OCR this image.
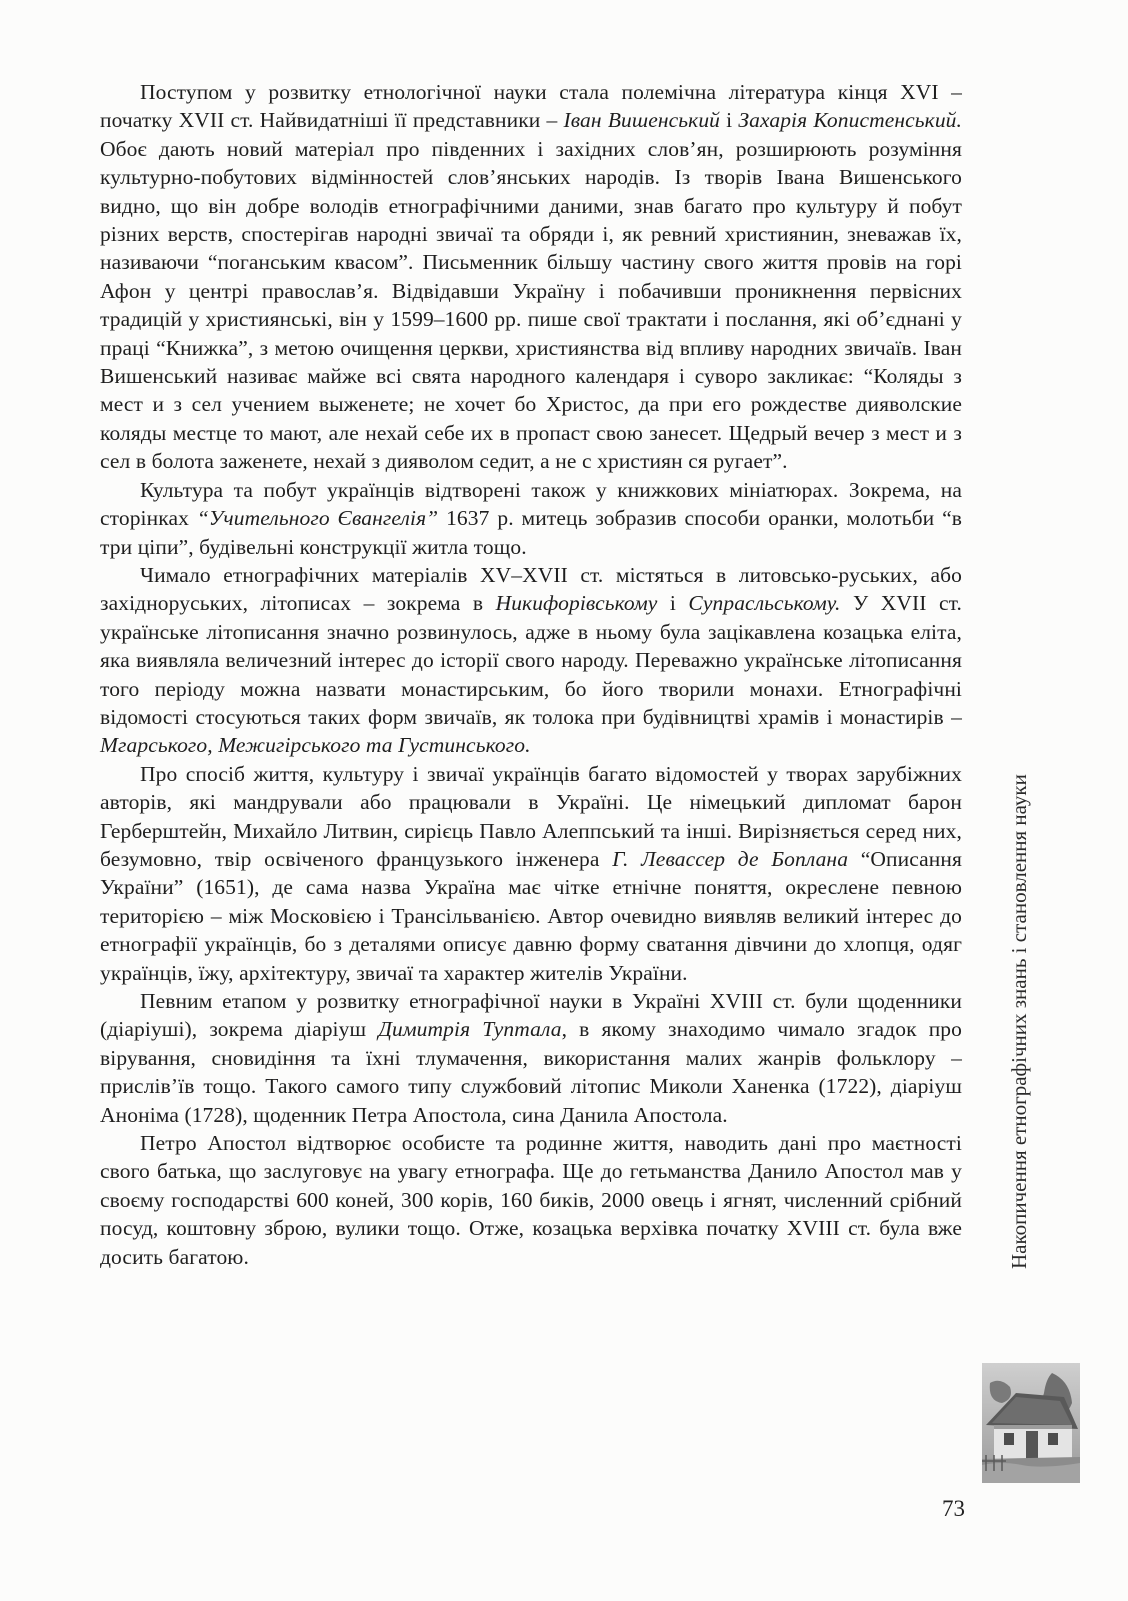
Поступом у розвитку етнологічної науки стала полемічна література кінця XVI – початку XVII ст. Найвидатніші її представники – Іван Вишенський і Захарія Копистенський. Обоє дають новий матеріал про південних і західних слов’ян, розширюють розуміння культурно-побутових відмінностей слов’янських народів. Із творів Івана Вишенського видно, що він добре володів етнографічними даними, знав багато про культуру й побут різних верств, спостерігав народні звичаї та обряди і, як ревний християнин, зневажав їх, називаючи “поганським квасом”. Письменник більшу частину свого життя провів на горі Афон у центрі православ’я. Відвідавши Україну і побачивши проникнення первісних традицій у християнські, він у 1599–1600 рр. пише свої трактати і послання, які об’єднані у праці “Книжка”, з метою очищення церкви, християнства від впливу народних звичаїв. Іван Вишенський називає майже всі свята народного календаря і суворо закликає: “Коляды з мест и з сел учением выженете; не хочет бо Христос, да при его рождестве дияволские коляды местце то мают, але нехай себе их в пропаст свою занесет. Щедрый вечер з мест и з сел в болота заженете, нехай з дияволом седит, а не с християн ся ругает”.

Культура та побут українців відтворені також у книжкових мініатюрах. Зокрема, на сторінках “Учительного Євангелія” 1637 р. митець зобразив способи оранки, молотьби “в три ціпи”, будівельні конструкції житла тощо.

Чимало етнографічних матеріалів XV–XVII ст. містяться в литовсько-руських, або західноруських, літописах – зокрема в Никифорівському і Супрасльському. У XVII ст. українське літописання значно розвинулось, адже в ньому була зацікавлена козацька еліта, яка виявляла величезний інтерес до історії свого народу. Переважно українське літописання того періоду можна назвати монастирським, бо його творили монахи. Етнографічні відомості стосуються таких форм звичаїв, як толока при будівництві храмів і монастирів – Мгарського, Межигірського та Густинського.

Про спосіб життя, культуру і звичаї українців багато відомостей у творах зарубіжних авторів, які мандрували або працювали в Україні. Це німецький дипломат барон Герберштейн, Михайло Литвин, сирієць Павло Алеппський та інші. Вирізняється серед них, безумовно, твір освіченого французького інженера Г. Левассер де Боплана “Описання України” (1651), де сама назва Україна має чітке етнічне поняття, окреслене певною територією – між Московією і Трансільванією. Автор очевидно виявляв великий інтерес до етнографії українців, бо з деталями описує давню форму сватання дівчини до хлопця, одяг українців, їжу, архітектуру, звичаї та характер жителів України.

Певним етапом у розвитку етнографічної науки в Україні XVIII ст. були щоденники (діаріуші), зокрема діаріуш Димитрія Туптала, в якому знаходимо чимало згадок про вірування, сновидіння та їхні тлумачення, використання малих жанрів фольклору – прислів’їв тощо. Такого самого типу службовий літопис Миколи Ханенка (1722), діаріуш Аноніма (1728), щоденник Петра Апостола, сина Данила Апостола.

Петро Апостол відтворює особисте та родинне життя, наводить дані про маєтності свого батька, що заслуговує на увагу етнографа. Ще до гетьманства Данило Апостол мав у своєму господарстві 600 коней, 300 корів, 160 биків, 2000 овець і ягнят, численний срібний посуд, коштовну зброю, вулики тощо. Отже, козацька верхівка початку XVIII ст. була вже досить багатою.	Накопичення етнографічних знань і становлення науки
73
